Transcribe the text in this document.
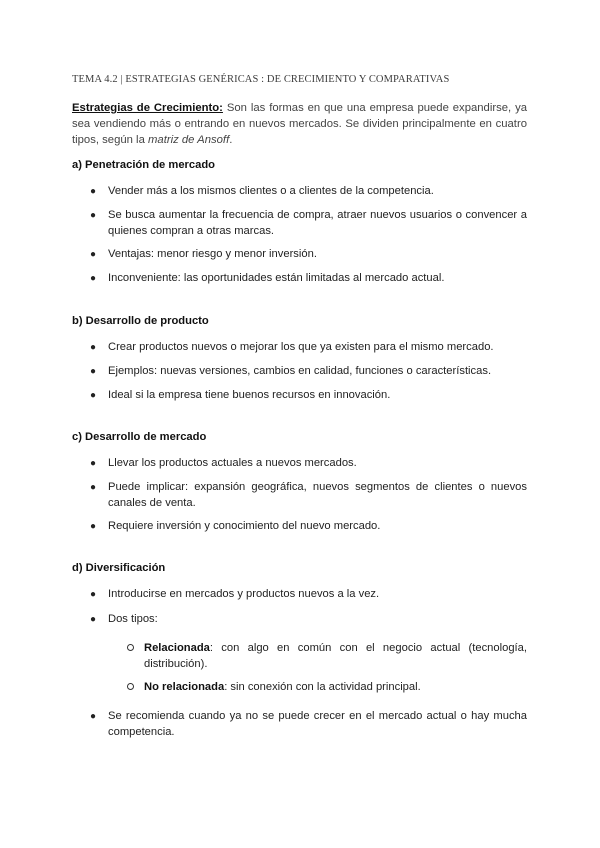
TEMA 4.2 | ESTRATEGIAS GENÉRICAS : DE CRECIMIENTO Y COMPARATIVAS
Estrategias de Crecimiento: Son las formas en que una empresa puede expandirse, ya sea vendiendo más o entrando en nuevos mercados. Se dividen principalmente en cuatro tipos, según la matriz de Ansoff.
a) Penetración de mercado
●	Vender más a los mismos clientes o a clientes de la competencia.
●	Se busca aumentar la frecuencia de compra, atraer nuevos usuarios o convencer a quienes compran a otras marcas.
●	Ventajas: menor riesgo y menor inversión.
●	Inconveniente: las oportunidades están limitadas al mercado actual.
b) Desarrollo de producto
●	Crear productos nuevos o mejorar los que ya existen para el mismo mercado.
●	Ejemplos: nuevas versiones, cambios en calidad, funciones o características.
●	Ideal si la empresa tiene buenos recursos en innovación.
c) Desarrollo de mercado
●	Llevar los productos actuales a nuevos mercados.
●	Puede implicar: expansión geográfica, nuevos segmentos de clientes o nuevos canales de venta.
●	Requiere inversión y conocimiento del nuevo mercado.
d) Diversificación
●	Introducirse en mercados y productos nuevos a la vez.
●	Dos tipos:
Relacionada: con algo en común con el negocio actual (tecnología, distribución).
No relacionada: sin conexión con la actividad principal.
●	Se recomienda cuando ya no se puede crecer en el mercado actual o hay mucha competencia.
